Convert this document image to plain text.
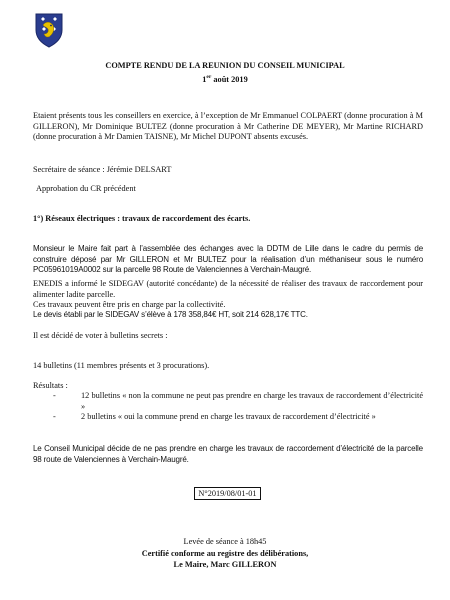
COMPTE RENDU DE LA REUNION DU CONSEIL MUNICIPAL
1er août 2019
Etaient présents tous les conseillers en exercice, à l’exception de Mr Emmanuel COLPAERT (donne procuration à M GILLERON), Mr Dominique BULTEZ (donne procuration à Mr Catherine DE MEYER), Mr Martine RICHARD (donne procuration à Mr Damien TAISNE), Mr Michel DUPONT absents excusés.
Secrétaire de séance : Jérémie DELSART
Approbation du CR précédent
1°) Réseaux électriques : travaux de raccordement des écarts.
Monsieur le Maire fait part à l’assemblée des échanges avec la DDTM de Lille dans le cadre du permis de construire déposé par Mr GILLERON et Mr BULTEZ pour la réalisation d’un méthaniseur sous le numéro PC05961019A0002 sur la parcelle 98 Route de Valenciennes à Verchain-Maugré.
ENEDIS a informé le SIDEGAV (autorité concédante) de la nécessité de réaliser des travaux de raccordement pour alimenter ladite parcelle.
Ces travaux peuvent être pris en charge par la collectivité.
Le devis établi par le SIDEGAV s’élève à 178 358,84€ HT, soit 214 628,17€ TTC.
Il est décidé de voter à bulletins secrets :
14 bulletins (11 membres présents et 3 procurations).
Résultats :
-	12 bulletins « non la commune ne peut pas prendre en charge les travaux de raccordement d’électricité »
-	2 bulletins « oui la commune prend en charge les travaux de raccordement d’électricité »
Le Conseil Municipal décide de ne pas prendre en charge les travaux de raccordement d’électricité de la parcelle 98 route de Valenciennes à Verchain-Maugré.
N°2019/08/01-01
Levée de séance à 18h45
Certifié conforme au registre des délibérations,
Le Maire, Marc GILLERON
